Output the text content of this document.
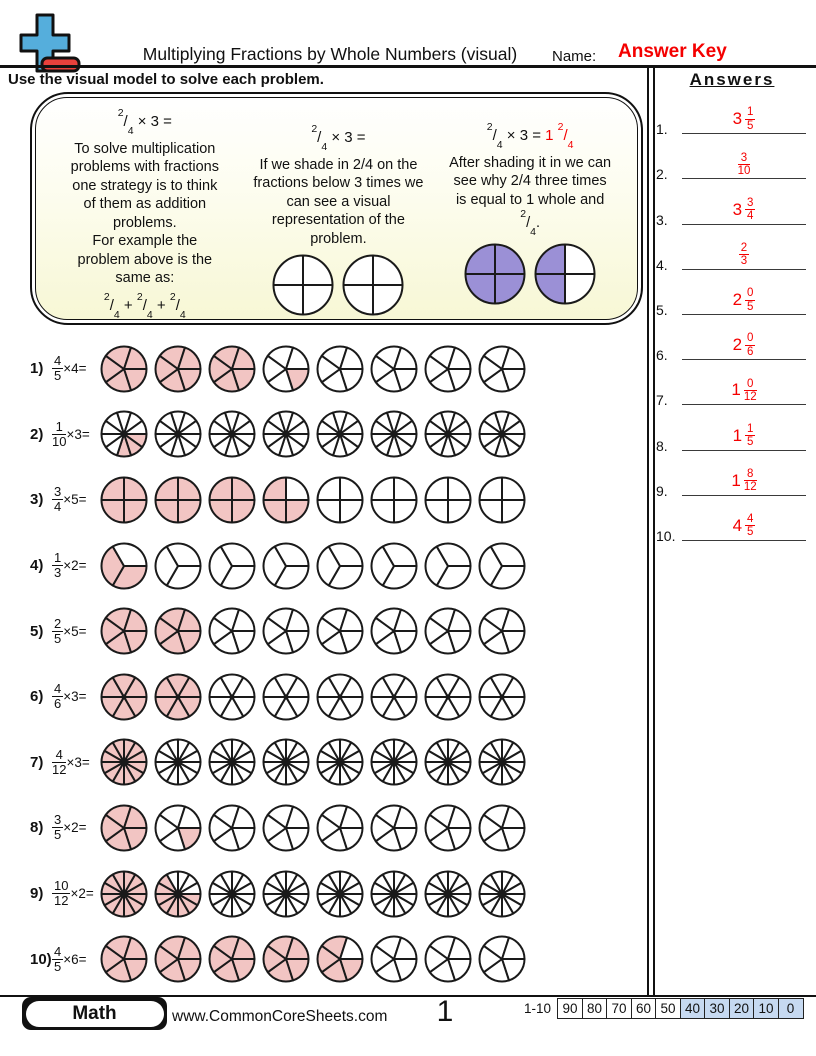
Multiplying Fractions by Whole Numbers (visual)	Name: Answer Key
Use the visual model to solve each problem.
$^2/_4 \times 3$ =
To solve multiplication
problems with fractions
one strategy is to think
of them as addition
problems.
For example the
problem above is the
same as:
$^2/_4 + ^2/_4 + ^2/_4$
$^2/_4 \times 3$ =
If we shade in 2/4 on the
fractions below 3 times we
can see a visual
representation of the
problem.
$^2/_4 \times 3 = 1$ $^2/_4$
After shading it in we can
see why 2/4 three times
is equal to 1 whole and
$^2/_4$.
$1) \frac{4}{5} \times 4=$
$2) \frac{1}{10} \times 3=$
$3) \frac{3}{4} \times 5=$
$4) \frac{1}{3} \times 2=$
$5) \frac{2}{5} \times 5=$
$6) \frac{4}{6} \times 3=$
$7) \frac{4}{12} \times 3=$
$8) \frac{3}{5} \times 2=$
$9) \frac{10}{12} \times 2=$
$10) \frac{4}{5} \times 6=$
Answers
1.
$3 \frac{1}{5}$
2.	$\frac{3}{10}$
3.
$3 \frac{3}{4}$
4.	$\frac{2}{3}$
5.
$2 \frac{0}{5}$
6.
$2 \frac{0}{6}$
7.
$1 \frac{0}{12}$
8.
$1 \frac{1}{5}$
9.
$1 \frac{8}{12}$
10.
$4 \frac{4}{5}$
Math	www.CommonCoreSheets.com	1	1-10 90 80 70 60 50 40 30 20 10 0
